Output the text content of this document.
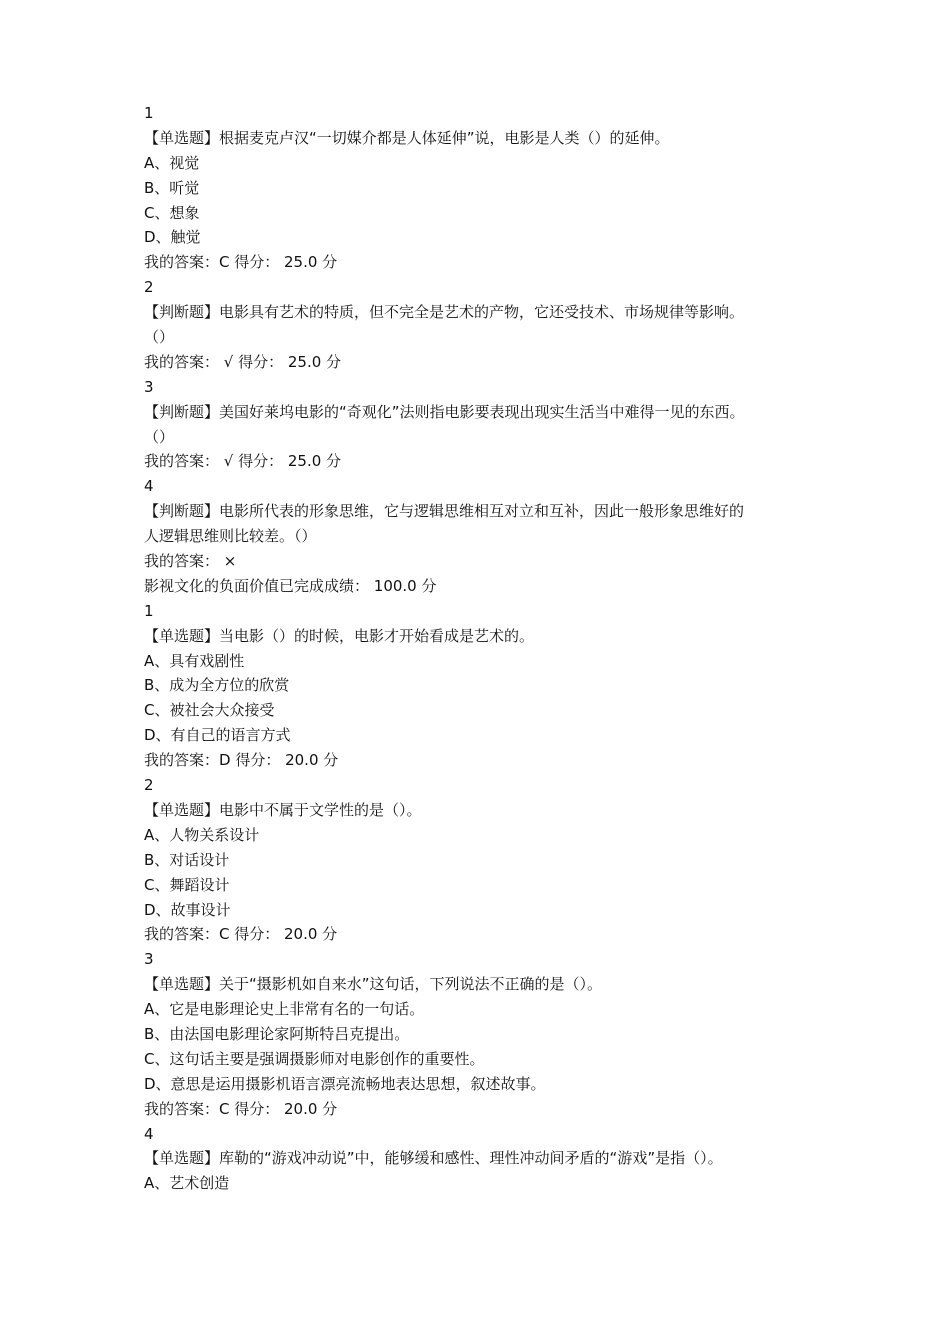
1
【单选题】根据麦克卢汉“一切媒介都是人体延伸”说，电影是人类（）的延伸。
A、视觉
B、听觉
C、想象
D、触觉
我的答案：C 得分： 25.0 分
2
【判断题】电影具有艺术的特质，但不完全是艺术的产物，它还受技术、市场规律等影响。
（）
我的答案： √ 得分： 25.0 分
3
【判断题】美国好莱坞电影的“奇观化”法则指电影要表现出现实生活当中难得一见的东西。
（）
我的答案： √ 得分： 25.0 分
4
【判断题】电影所代表的形象思维，它与逻辑思维相互对立和互补，因此一般形象思维好的
人逻辑思维则比较差。（）
我的答案： ×
影视文化的负面价值已完成成绩： 100.0 分
1
【单选题】当电影（）的时候，电影才开始看成是艺术的。
A、具有戏剧性
B、成为全方位的欣赏
C、被社会大众接受
D、有自己的语言方式
我的答案：D 得分： 20.0 分
2
【单选题】电影中不属于文学性的是（）。
A、人物关系设计
B、对话设计
C、舞蹈设计
D、故事设计
我的答案：C 得分： 20.0 分
3
【单选题】关于“摄影机如自来水”这句话，下列说法不正确的是（）。
A、它是电影理论史上非常有名的一句话。
B、由法国电影理论家阿斯特吕克提出。
C、这句话主要是强调摄影师对电影创作的重要性。
D、意思是运用摄影机语言漂亮流畅地表达思想，叙述故事。
我的答案：C 得分： 20.0 分
4
【单选题】库勒的“游戏冲动说”中，能够缓和感性、理性冲动间矛盾的“游戏”是指（）。
A、艺术创造
